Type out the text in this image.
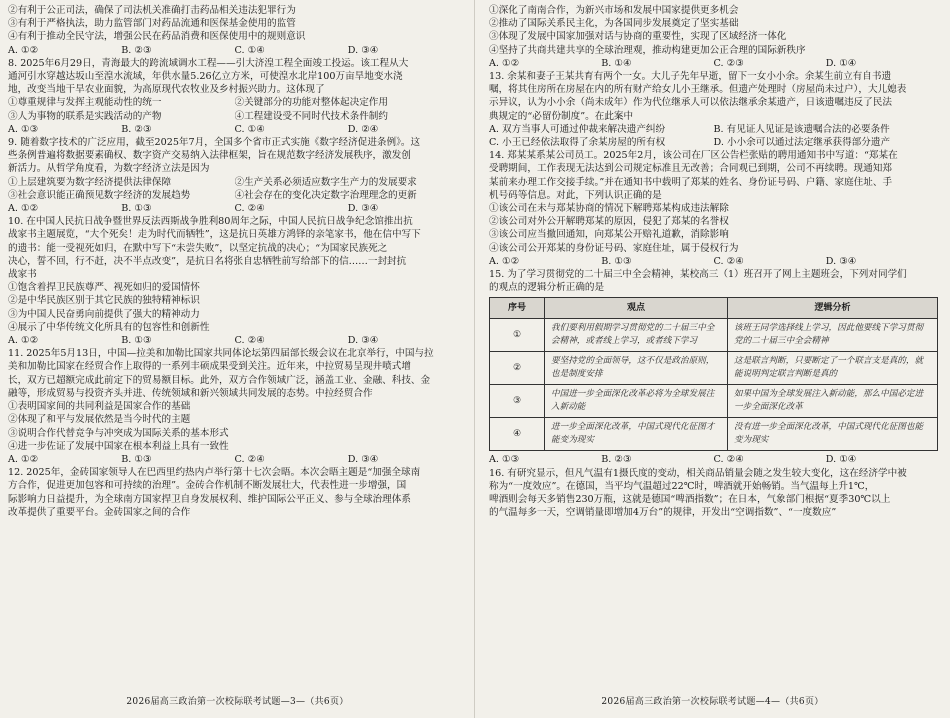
②有利于公正司法，确保了司法机关准确打击药品相关违法犯罪行为
③有利于严格执法，助力监管部门对药品流通和医保基金使用的监管
④有利于推动全民守法，增强公民在药品消费和医保使用中的规则意识
A. ①②	B. ②③	C. ①④	D. ③④
8. 2025年6月29日，青海最大的跨流域调水工程——引大济湟工程全面竣工投运。该工程从大
通河引水穿越达坂山至湟水流域，年供水量5.26亿立方米，可使湟水北岸100万亩旱地变水浇
地，改变当地干旱农业面貌，为高原现代农牧业及乡村振兴助力。这体现了
①尊重规律与发挥主观能动性的统一	②关键部分的功能对整体起决定作用
③人为事物的联系是实践活动的产物	④工程建设受不同时代技术条件制约
A. ①③	B. ②③	C. ①④	D. ②④
9. 随着数字技术的广泛应用，截至2025年7月，全国多个省市正式实施《数字经济促进条例》。这
些条例普遍将数据要素确权、数字资产交易纳入法律框架，旨在规范数字经济发展秩序，激发创
新活力。从哲学角度看，为数字经济立法是因为
①上层建筑要为数字经济提供法律保障	②生产关系必须适应数字生产力的发展要求
③社会意识能正确预见数字经济的发展趋势	④社会存在的变化决定数字治理理念的更新
A. ①②	B. ①③	C. ②④	D. ③④
10. 在中国人民抗日战争暨世界反法西斯战争胜利80周年之际，中国人民抗日战争纪念馆推出抗
战家书主题展览，“大个死矣！走为时代而牺牲”，这是抗日英雄方鸿铎的亲笔家书，他在信中写下
的遗书：能一受视死如归，在默中写下“未尝失败”，以坚定抗战的决心；“为国家民族死之
决心，誓不回，行不赶，决不半点改变”，是抗日名将张自忠牺牲前写给部下的信……一封封抗
战家书
①饱含着捍卫民族尊严、视死如归的爱国情怀
②是中华民族区别于其它民族的独特精神标识
③为中国人民奋勇向前提供了强大的精神动力
④展示了中华传统文化所具有的包容性和创新性
A. ①②	B. ①③	C. ②④	D. ③④
11. 2025年5月13日，中国—拉美和加勒比国家共同体论坛第四届部长级会议在北京举行，中国与拉
美和加勒比国家在经贸合作上取得的一系列丰硕成果受到关注。近年来，中拉贸易呈现井喷式增
长，双方已超额完成此前定下的贸易额目标。此外，双方合作领域广泛，涵盖工业、金融、科技、金
融等，形成贸易与投资齐头并进、传统领域和新兴领域共同发展的态势。中拉经贸合作
①表明国家间的共同利益是国家合作的基础
②体现了和平与发展依然是当今时代的主题
③说明合作代替竞争与冲突成为国际关系的基本形式
④进一步佐证了发展中国家在根本利益上具有一致性
A. ①②	B. ①③	C. ②④	D. ③④
12. 2025年，金砖国家领导人在巴西里约热内卢举行第十七次会晤。本次会晤主题是“加强全球南
方合作，促进更加包容和可持续的治理”。金砖合作机制不断发展壮大，代表性进一步增强，国
际影响力日益提升，为全球南方国家捍卫自身发展权利、维护国际公平正义、参与全球治理体系
改革提供了重要平台。金砖国家之间的合作
2026届高三政治第一次校际联考试题—3—（共6页）
①深化了南南合作，为新兴市场和发展中国家提供更多机会
②推动了国际关系民主化，为各国同步发展奠定了坚实基础
③体现了发展中国家加强对话与协商的重要性，实现了区域经济一体化
④坚持了共商共建共享的全球治理观，推动构建更加公正合理的国际新秩序
A. ①②	B. ①④	C. ②③	D. ①④
13. 余某和妻子王某共育有两个一女。大儿子先年早逝，留下一女小小余。余某生前立有自书遗
嘱，将其住房所在房屋在内的所有财产给女儿小王继承。但遗产处理时（房屋尚未过户），大儿媳表
示异议，认为小小余（尚未成年）作为代位继承人可以依法继承余某遗产，日该遗嘱违反了民法
典规定的“必留份制度”。在此案中
A. 双方当事人可通过仲裁来解决遗产纠纷	B. 有见证人见证是该遗嘱合法的必要条件
C. 小王已经依法取得了余某房屋的所有权	D. 小小余可以通过法定继承获得部分遗产
14. 郑某某系某公司员工。2025年2月，该公司在厂区公告栏张贴的聘用通知书中写道：“郑某在
受聘期间，工作表现无法达到公司规定标准且无改善；合同观已到期，公司不再续聘。现通知郑
某前来办理工作交接手续。”并在通知书中载明了郑某的姓名、身份证号码、户籍、家庭住址、手
机号码等信息。对此，下列认识正确的是
①该公司在未与郑某协商的情况下解聘郑某构成违法解除
②该公司对外公开解聘郑某的原因，侵犯了郑某的名誉权
③该公司应当撤回通知，向郑某公开赔礼道歉，消除影响
④该公司公开郑某的身份证号码、家庭住址，属于侵权行为
A. ①②	B. ①③	C. ②④	D. ③④
15. 为了学习贯彻党的二十届三中全会精神，某校高三（1）班召开了网上主题班会，下列对同学们
的观点的逻辑分析正确的是
序号	观点	逻辑分析
①	我们要利用假期学习贯彻党的二十届三中全会精神，或者线上学习，或者线下学习	该班王同学选择线上学习，因此他要线下学习贯彻党的二十届三中全会精神
②	要坚持党的全面领导，这不仅是政治原则，也是制度安排	这是联言判断，只要断定了一个联言支是真的，就能说明判定联言判断是真的
③	中国进一步全面深化改革必将为全球发展注入新动能	如果中国为全球发展注入新动能，那么中国必定进一步全面深化改革
④	进一步全面深化改革，中国式现代化征图才能变为现实	没有进一步全面深化改革，中国式现代化征图也能变为现实
A. ①③	B. ②③	C. ②④	D. ①④
16. 有研究显示，但凡气温有1摄氏度的变动，相关商品销量会随之发生较大变化，这在经济学中被
称为“一度效应”。在德国，当平均气温超过22℃时，啤酒就开始畅销。当气温每上升1℃，
啤酒则会每天多销售230万瓶，这就是德国“啤酒指数”；在日本，气象部门根据“夏季30℃以上
的气温每多一天，空调销量即增加4万台”的规律，开发出“空调指数”、“一度数应”
2026届高三政治第一次校际联考试题—4—（共6页）
